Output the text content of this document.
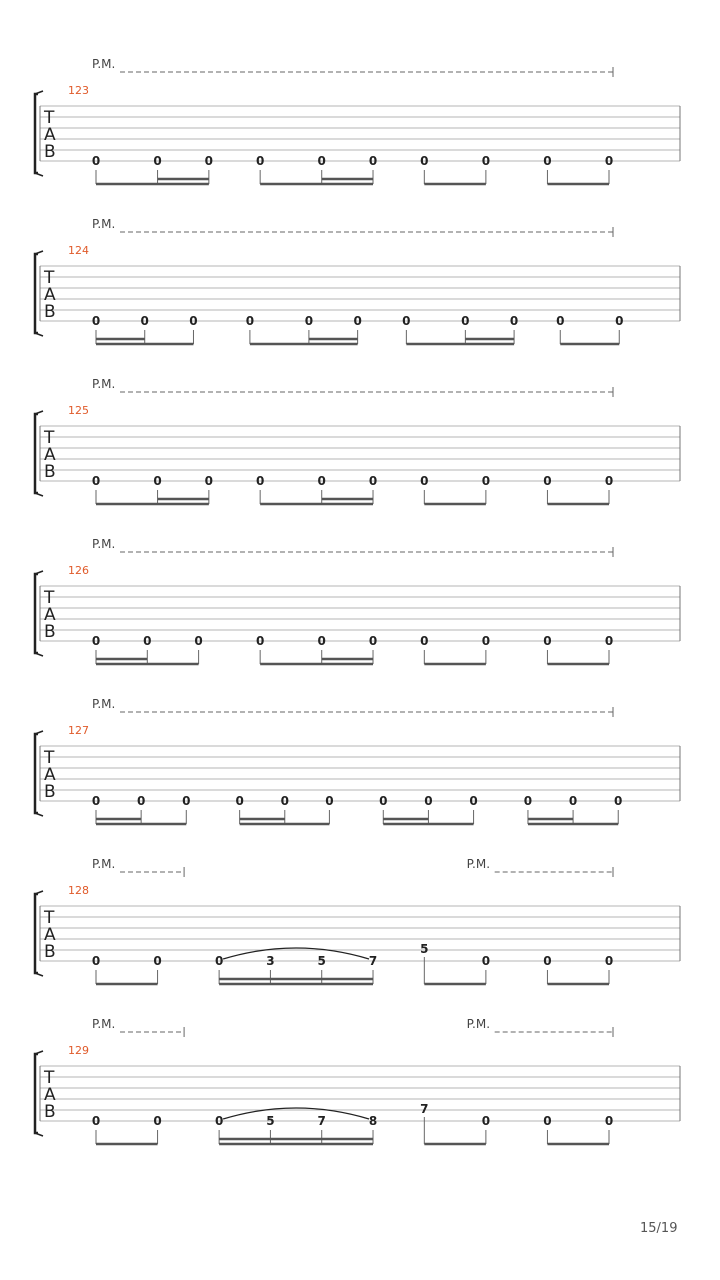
T
A
B
123
P.M.
0	0	0	0	0	0	0	0	0	0
T
A
B
124
P.M.
0	0	0	0	0	0	0	0	0	0	0
T
A
B
125
P.M.
0	0	0	0	0	0	0	0	0	0
T
A
B
126
P.M.
0	0	0	0	0	0	0	0	0	0
T
A
B
127
P.M.
0	0	0	0	0	0	0	0	0	0	0	0
T
A
B
128
P.M.	P.M.
0	0	0	3	5	7
5
0	0	0
T
A
B
129
P.M.	P.M.
0	0	0	5	7	8
7
0	0	0
15/19
